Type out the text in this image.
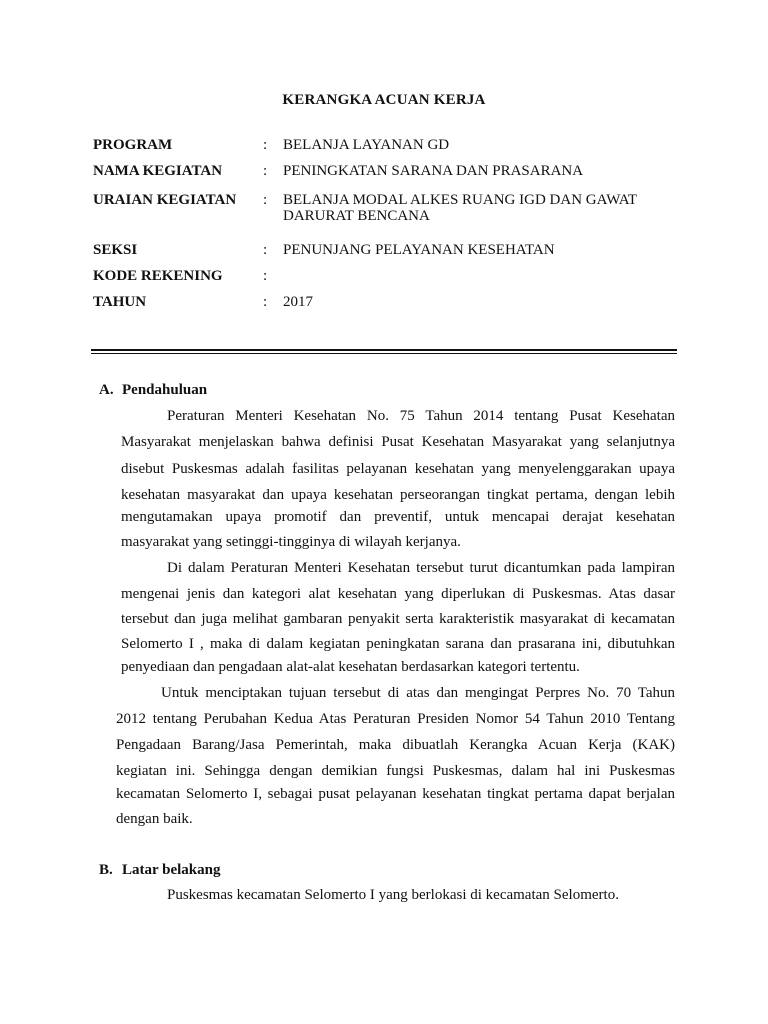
KERANGKA ACUAN KERJA
PROGRAM	: BELANJA LAYANAN GD
NAMA KEGIATAN	: PENINGKATAN SARANA DAN PRASARANA
URAIAN KEGIATAN : BELANJA MODAL ALKES RUANG IGD DAN GAWAT
DARURAT BENCANA
SEKSI	: PENUNJANG PELAYANAN KESEHATAN
KODE REKENING	:
TAHUN	: 2017
A. Pendahuluan
Peraturan Menteri Kesehatan No. 75 Tahun 2014 tentang Pusat Kesehatan
Masyarakat menjelaskan bahwa definisi Pusat Kesehatan Masyarakat yang selanjutnya
disebut Puskesmas adalah fasilitas pelayanan kesehatan yang menyelenggarakan upaya
kesehatan masyarakat dan upaya kesehatan perseorangan tingkat pertama, dengan lebih
mengutamakan upaya promotif dan preventif, untuk mencapai derajat kesehatan
masyarakat yang setinggi-tingginya di wilayah kerjanya.
Di dalam Peraturan Menteri Kesehatan tersebut turut dicantumkan pada lampiran
mengenai jenis dan kategori alat kesehatan yang diperlukan di Puskesmas. Atas dasar
tersebut dan juga melihat gambaran penyakit serta karakteristik masyarakat di kecamatan
Selomerto I , maka di dalam kegiatan peningkatan sarana dan prasarana ini, dibutuhkan
penyediaan dan pengadaan alat-alat kesehatan berdasarkan kategori tertentu.
Untuk menciptakan tujuan tersebut di atas dan mengingat Perpres No. 70 Tahun
2012 tentang Perubahan Kedua Atas Peraturan Presiden Nomor 54 Tahun 2010 Tentang
Pengadaan Barang/Jasa Pemerintah, maka dibuatlah Kerangka Acuan Kerja (KAK)
kegiatan ini. Sehingga dengan demikian fungsi Puskesmas, dalam hal ini Puskesmas
kecamatan Selomerto I, sebagai pusat pelayanan kesehatan tingkat pertama dapat berjalan
dengan baik.
B. Latar belakang
Puskesmas kecamatan Selomerto I yang berlokasi di kecamatan Selomerto.
